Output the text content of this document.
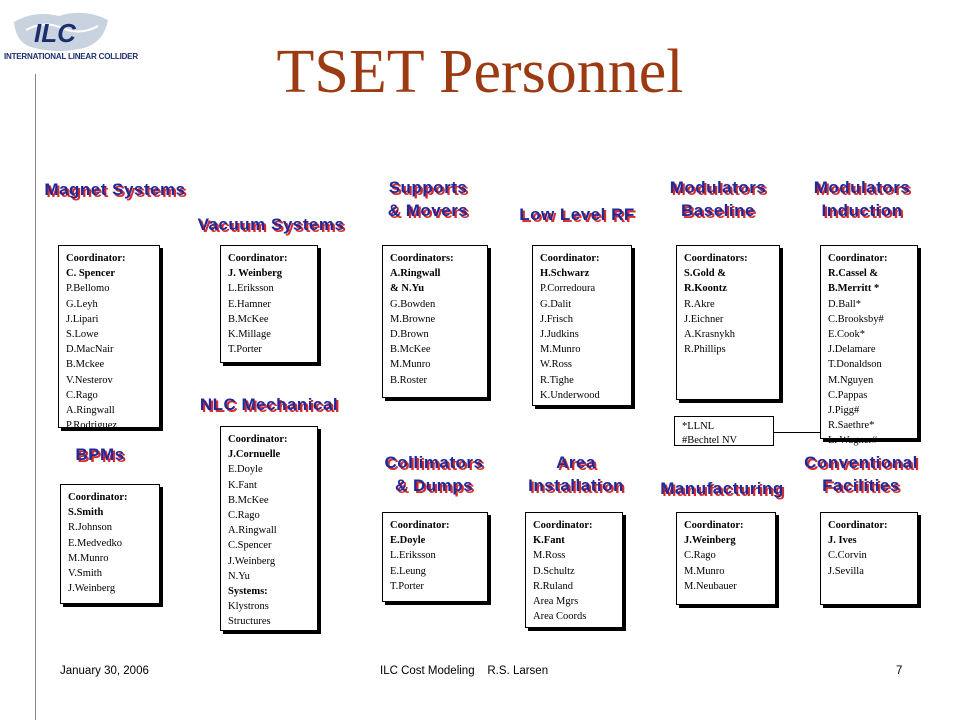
ILC
INTERNATIONAL LINEAR COLLIDER	TSET Personnel
Magnet Systems
Coordinator:
C. Spencer
P.Bellomo
G.Leyh
J.Lipari
S.Lowe
D.MacNair
B.Mckee
V.Nesterov
C.Rago
A.Ringwall
P.Rodriguez
Vacuum Systems
Coordinator:
J. Weinberg
L.Eriksson
E.Hamner
B.McKee
K.Millage
T.Porter
Supports
& Movers
Coordinators:
A.Ringwall
& N.Yu
G.Bowden
M.Browne
D.Brown
B.McKee
M.Munro
B.Roster
Low Level RF
Coordinator:
H.Schwarz
P.Corredoura
G.Dalit
J.Frisch
J.Judkins
M.Munro
W.Ross
R.Tighe
K.Underwood
Modulators
Baseline
Coordinators:
S.Gold &
R.Koontz
R.Akre
J.Eichner
A.Krasnykh
R.Phillips
Modulators
Induction
Coordinator:
R.Cassel &
B.Merritt *
D.Ball*
C.Brooksby#
E.Cook*
J.Delamare
T.Donaldson
M.Nguyen
C.Pappas
J.Pigg#
R.Saethre*
L. Wagner#
*LLNL
#Bechtel NV
BPMs
Coordinator:
S.Smith
R.Johnson
E.Medvedko
M.Munro
V.Smith
J.Weinberg
NLC Mechanical
Coordinator:
J.Cornuelle
E.Doyle
K.Fant
B.McKee
C.Rago
A.Ringwall
C.Spencer
J.Weinberg
N.Yu
Systems:
Klystrons
Structures
Collimators
& Dumps
Coordinator:
E.Doyle
L.Eriksson
E.Leung
T.Porter
Area
Installation
Coordinator:
K.Fant
M.Ross
D.Schultz
R.Ruland
Area Mgrs
Area Coords
Manufacturing
Coordinator:
J.Weinberg
C.Rago
M.Munro
M.Neubauer
Conventional
Facilities
Coordinator:
J. Ives
C.Corvin
J.Sevilla
January 30, 2006	ILC Cost Modeling    R.S. Larsen	7
